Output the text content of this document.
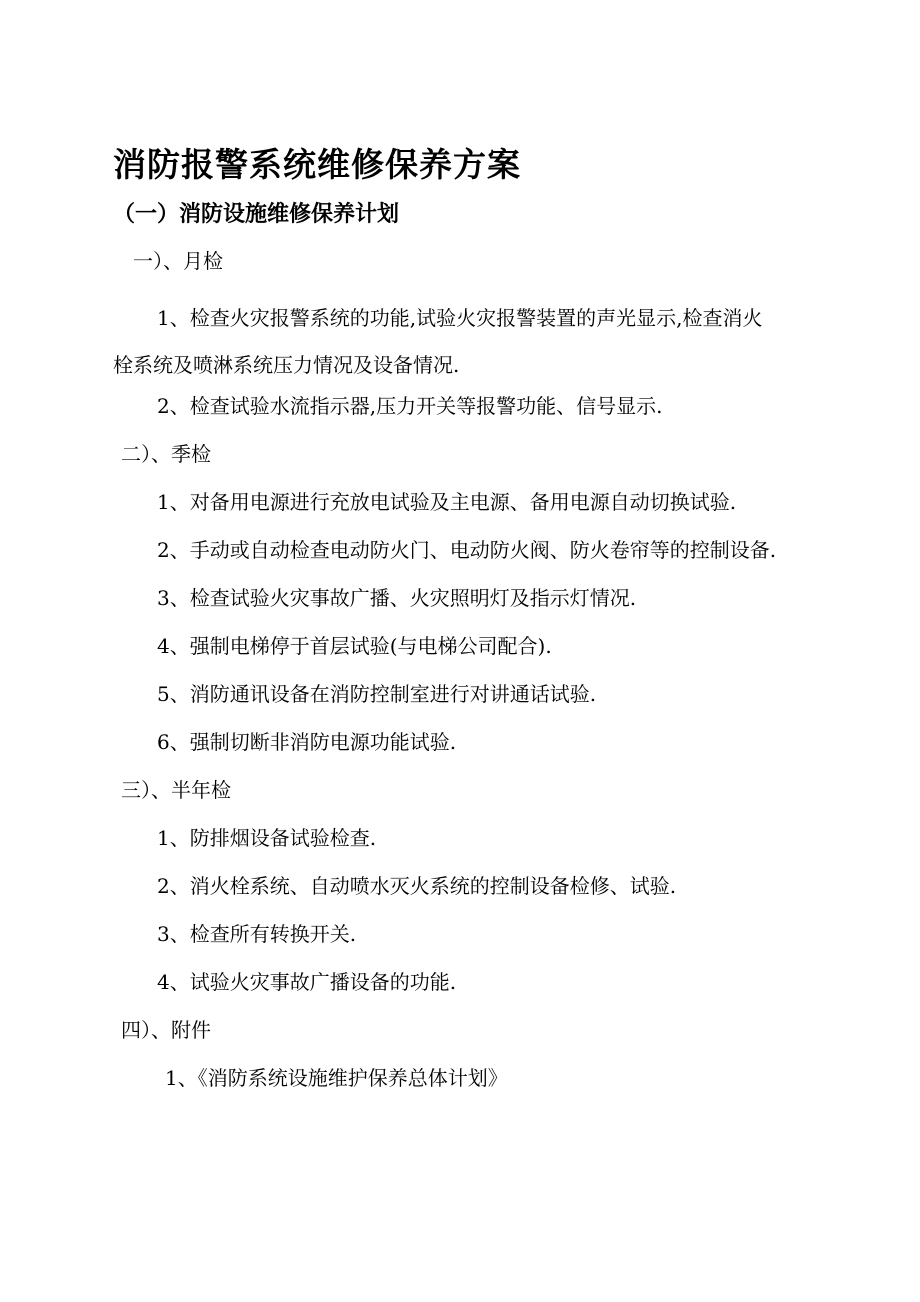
消防报警系统维修保养方案
（一）消防设施维修保养计划
一）、月检
1、检查火灾报警系统的功能,试验火灾报警装置的声光显示,检查消火
栓系统及喷淋系统压力情况及设备情况.
2、检查试验水流指示器,压力开关等报警功能、信号显示.
二）、季检
1、对备用电源进行充放电试验及主电源、备用电源自动切换试验.
2、手动或自动检查电动防火门、电动防火阀、防火卷帘等的控制设备.
3、检查试验火灾事故广播、火灾照明灯及指示灯情况.
4、强制电梯停于首层试验(与电梯公司配合).
5、消防通讯设备在消防控制室进行对讲通话试验.
6、强制切断非消防电源功能试验.
三）、半年检
1、防排烟设备试验检查.
2、消火栓系统、自动喷水灭火系统的控制设备检修、试验.
3、检查所有转换开关.
4、试验火灾事故广播设备的功能.
四）、附件
1、《消防系统设施维护保养总体计划》
